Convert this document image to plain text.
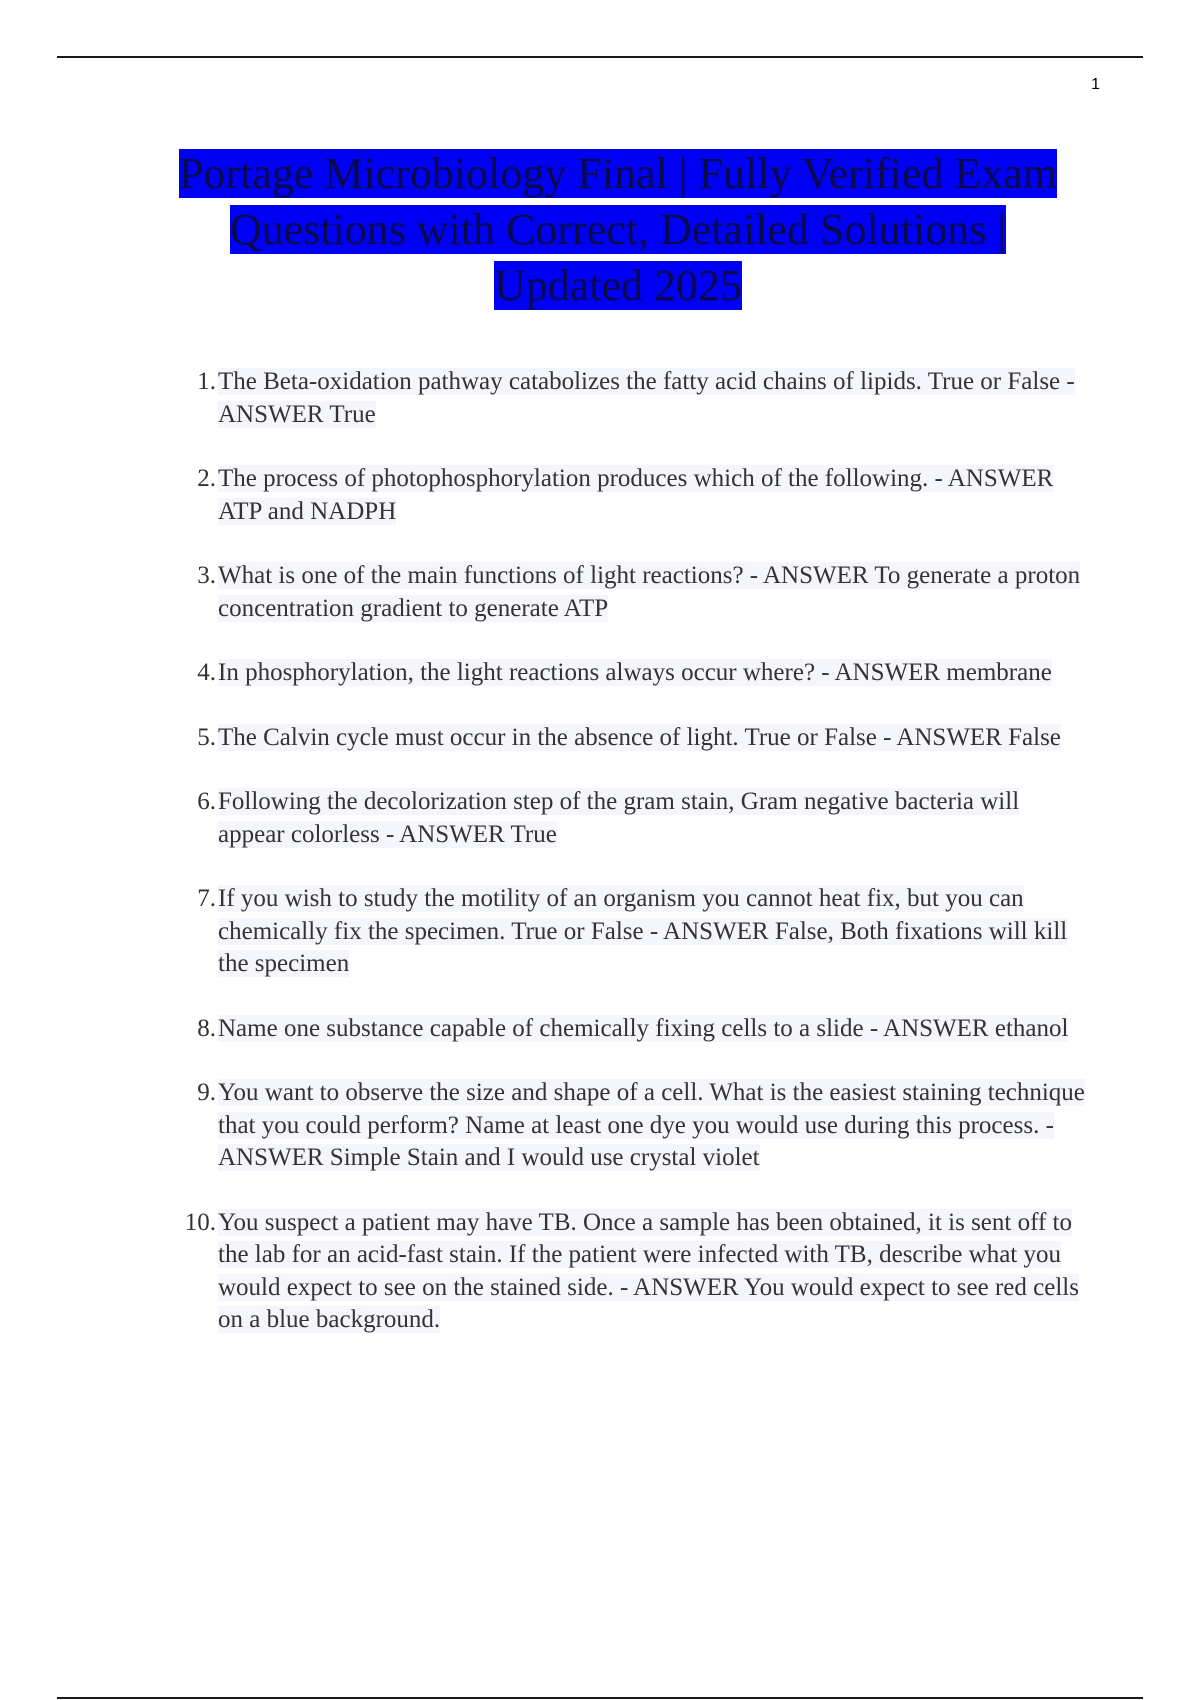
1
Portage Microbiology Final | Fully Verified Exam Questions with Correct, Detailed Solutions | Updated 2025
1. The Beta-oxidation pathway catabolizes the fatty acid chains of lipids. True or False - ANSWER True
2. The process of photophosphorylation produces which of the following. - ANSWER ATP and NADPH
3. What is one of the main functions of light reactions? - ANSWER To generate a proton concentration gradient to generate ATP
4. In phosphorylation, the light reactions always occur where? - ANSWER membrane
5. The Calvin cycle must occur in the absence of light. True or False - ANSWER False
6. Following the decolorization step of the gram stain, Gram negative bacteria will appear colorless - ANSWER True
7. If you wish to study the motility of an organism you cannot heat fix, but you can chemically fix the specimen. True or False - ANSWER False, Both fixations will kill the specimen
8. Name one substance capable of chemically fixing cells to a slide - ANSWER ethanol
9. You want to observe the size and shape of a cell. What is the easiest staining technique that you could perform? Name at least one dye you would use during this process. - ANSWER Simple Stain and I would use crystal violet
10. You suspect a patient may have TB. Once a sample has been obtained, it is sent off to the lab for an acid-fast stain. If the patient were infected with TB, describe what you would expect to see on the stained side. - ANSWER You would expect to see red cells on a blue background.
